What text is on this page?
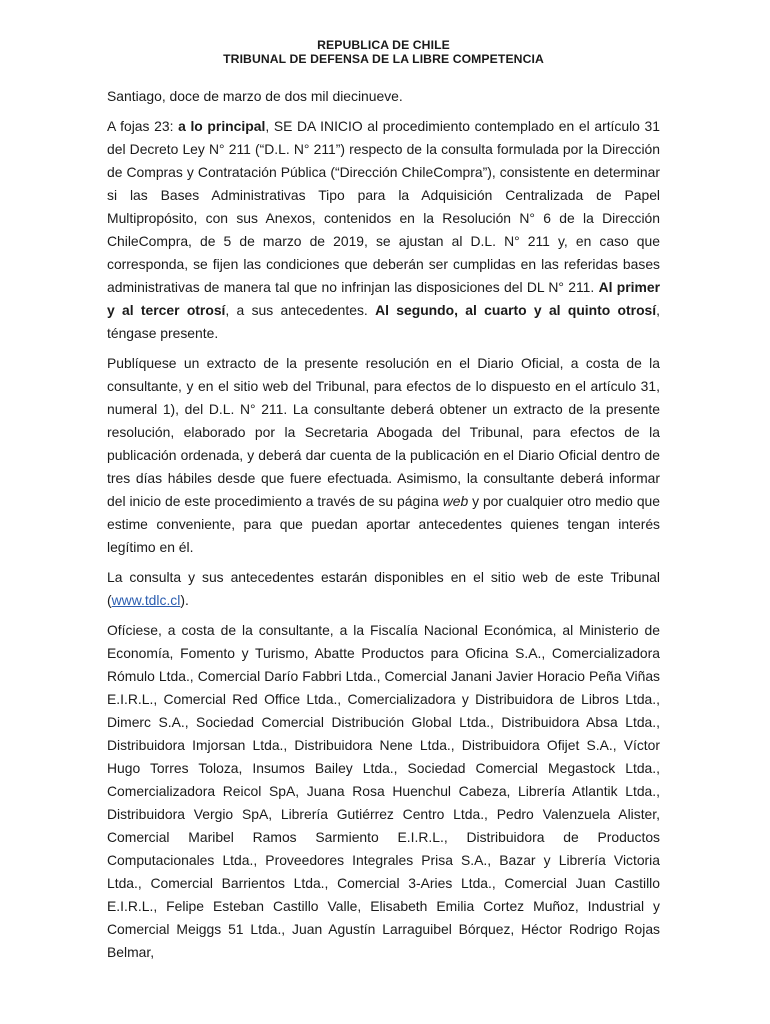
REPUBLICA DE CHILE
TRIBUNAL DE DEFENSA DE LA LIBRE COMPETENCIA

Santiago, doce de marzo de dos mil diecinueve.

A fojas 23: a lo principal, SE DA INICIO al procedimiento contemplado en el artículo 31 del Decreto Ley N° 211 (“D.L. N° 211”) respecto de la consulta formulada por la Dirección de Compras y Contratación Pública (“Dirección ChileCompra”), consistente en determinar si las Bases Administrativas Tipo para la Adquisición Centralizada de Papel Multipropósito, con sus Anexos, contenidos en la Resolución N° 6 de la Dirección ChileCompra, de 5 de marzo de 2019, se ajustan al D.L. N° 211 y, en caso que corresponda, se fijen las condiciones que deberán ser cumplidas en las referidas bases administrativas de manera tal que no infrinjan las disposiciones del DL N° 211. Al primer y al tercer otrosí, a sus antecedentes. Al segundo, al cuarto y al quinto otrosí, téngase presente.

Publíquese un extracto de la presente resolución en el Diario Oficial, a costa de la consultante, y en el sitio web del Tribunal, para efectos de lo dispuesto en el artículo 31, numeral 1), del D.L. N° 211. La consultante deberá obtener un extracto de la presente resolución, elaborado por la Secretaria Abogada del Tribunal, para efectos de la publicación ordenada, y deberá dar cuenta de la publicación en el Diario Oficial dentro de tres días hábiles desde que fuere efectuada. Asimismo, la consultante deberá informar del inicio de este procedimiento a través de su página web y por cualquier otro medio que estime conveniente, para que puedan aportar antecedentes quienes tengan interés legítimo en él.

La consulta y sus antecedentes estarán disponibles en el sitio web de este Tribunal (www.tdlc.cl).

Ofíciese, a costa de la consultante, a la Fiscalía Nacional Económica, al Ministerio de Economía, Fomento y Turismo, Abatte Productos para Oficina S.A., Comercializadora Rómulo Ltda., Comercial Darío Fabbri Ltda., Comercial Janani Javier Horacio Peña Viñas E.I.R.L., Comercial Red Office Ltda., Comercializadora y Distribuidora de Libros Ltda., Dimerc S.A., Sociedad Comercial Distribución Global Ltda., Distribuidora Absa Ltda., Distribuidora Imjorsan Ltda., Distribuidora Nene Ltda., Distribuidora Ofijet S.A., Víctor Hugo Torres Toloza, Insumos Bailey Ltda., Sociedad Comercial Megastock Ltda., Comercializadora Reicol SpA, Juana Rosa Huenchul Cabeza, Librería Atlantik Ltda., Distribuidora Vergio SpA, Librería Gutiérrez Centro Ltda., Pedro Valenzuela Alister, Comercial Maribel Ramos Sarmiento E.I.R.L., Distribuidora de Productos Computacionales Ltda., Proveedores Integrales Prisa S.A., Bazar y Librería Victoria Ltda., Comercial Barrientos Ltda., Comercial 3-Aries Ltda., Comercial Juan Castillo E.I.R.L., Felipe Esteban Castillo Valle, Elisabeth Emilia Cortez Muñoz, Industrial y Comercial Meiggs 51 Ltda., Juan Agustín Larraguibel Bórquez, Héctor Rodrigo Rojas Belmar,
